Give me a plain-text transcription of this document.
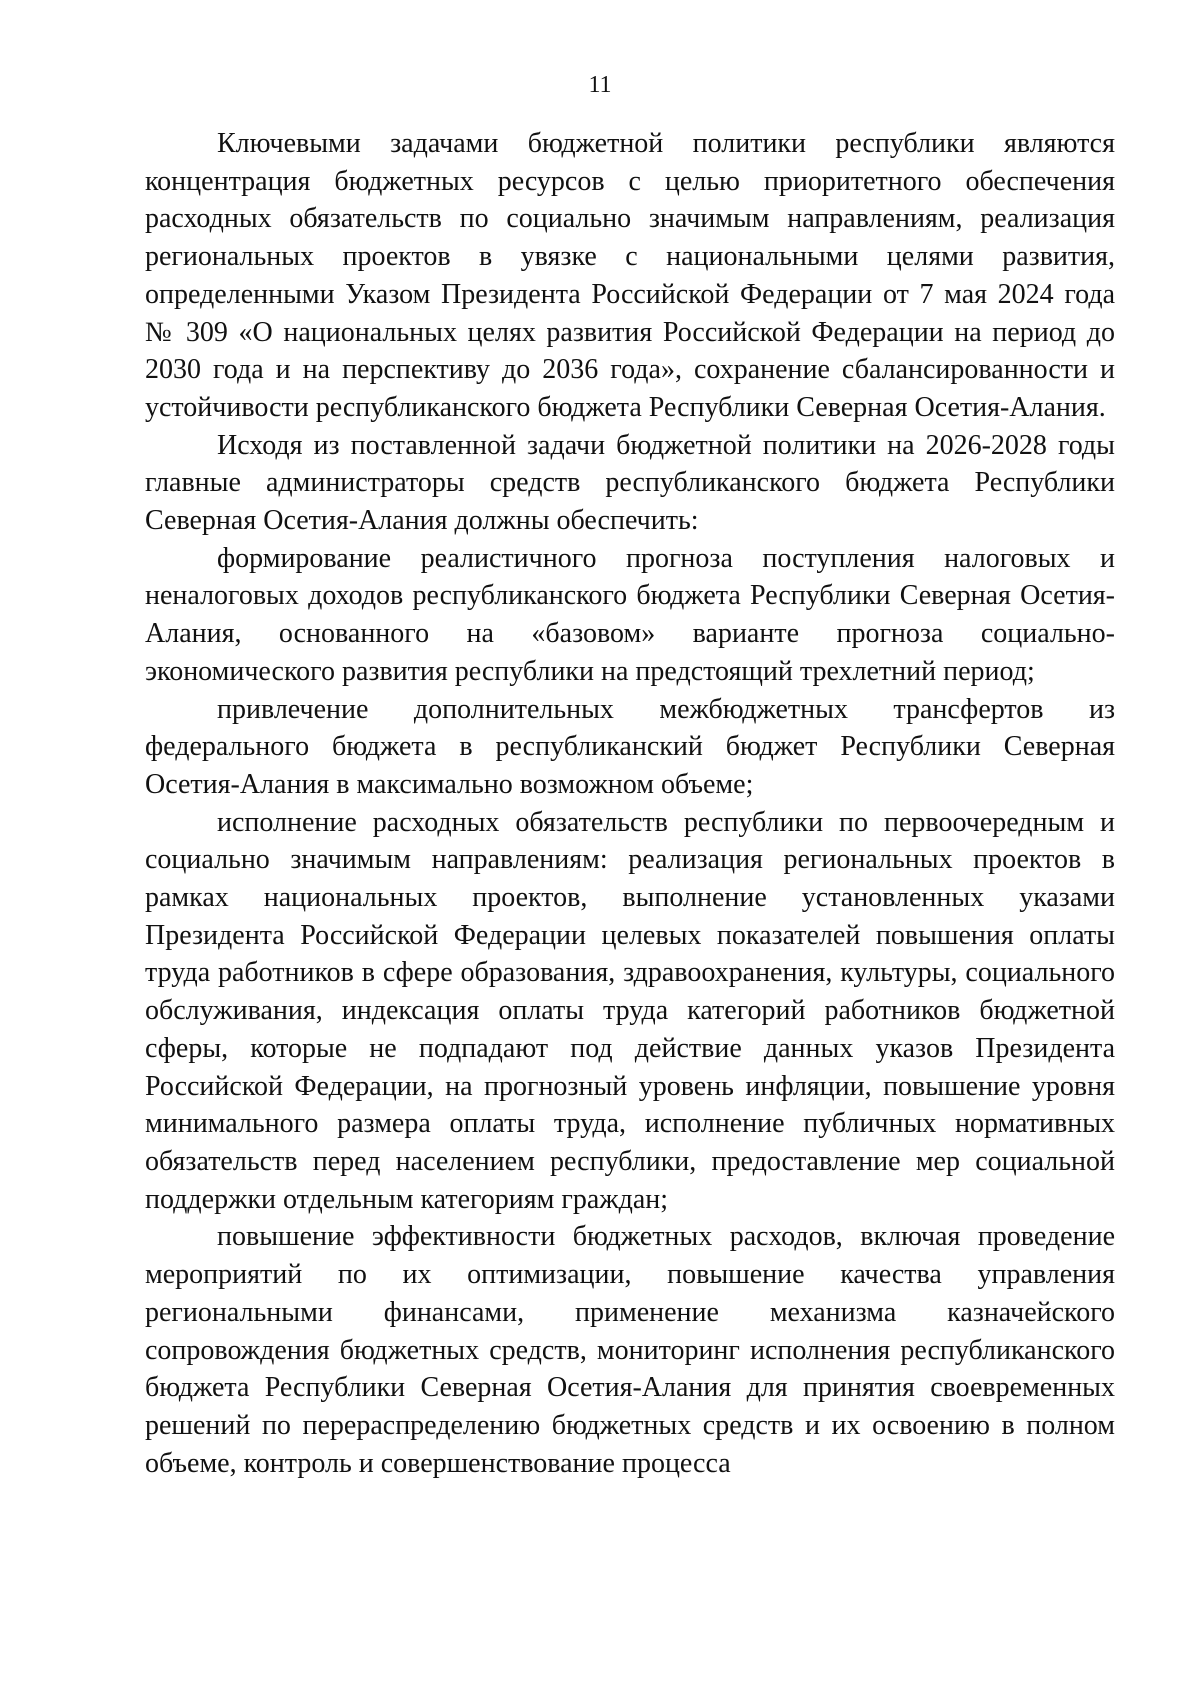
11

Ключевыми задачами бюджетной политики республики являются концентрация бюджетных ресурсов с целью приоритетного обеспечения расходных обязательств по социально значимым направлениям, реализация региональных проектов в увязке с национальными целями развития, определенными Указом Президента Российской Федерации от 7 мая 2024 года № 309 «О национальных целях развития Российской Федерации на период до 2030 года и на перспективу до 2036 года», сохранение сбалансированности и устойчивости республиканского бюджета Республики Северная Осетия-Алания.

Исходя из поставленной задачи бюджетной политики на 2026-2028 годы главные администраторы средств республиканского бюджета Республики Северная Осетия-Алания должны обеспечить:

формирование реалистичного прогноза поступления налоговых и неналоговых доходов республиканского бюджета Республики Северная Осетия-Алания, основанного на «базовом» варианте прогноза социально-экономического развития республики на предстоящий трехлетний период;

привлечение дополнительных межбюджетных трансфертов из федерального бюджета в республиканский бюджет Республики Северная Осетия-Алания в максимально возможном объеме;

исполнение расходных обязательств республики по первоочередным и социально значимым направлениям: реализация региональных проектов в рамках национальных проектов, выполнение установленных указами Президента Российской Федерации целевых показателей повышения оплаты труда работников в сфере образования, здравоохранения, культуры, социального обслуживания, индексация оплаты труда категорий работников бюджетной сферы, которые не подпадают под действие данных указов Президента Российской Федерации, на прогнозный уровень инфляции, повышение уровня минимального размера оплаты труда, исполнение публичных нормативных обязательств перед населением республики, предоставление мер социальной поддержки отдельным категориям граждан;

повышение эффективности бюджетных расходов, включая проведение мероприятий по их оптимизации, повышение качества управления региональными финансами, применение механизма казначейского сопровождения бюджетных средств, мониторинг исполнения республиканского бюджета Республики Северная Осетия-Алания для принятия своевременных решений по перераспределению бюджетных средств и их освоению в полном объеме, контроль и совершенствование процесса
